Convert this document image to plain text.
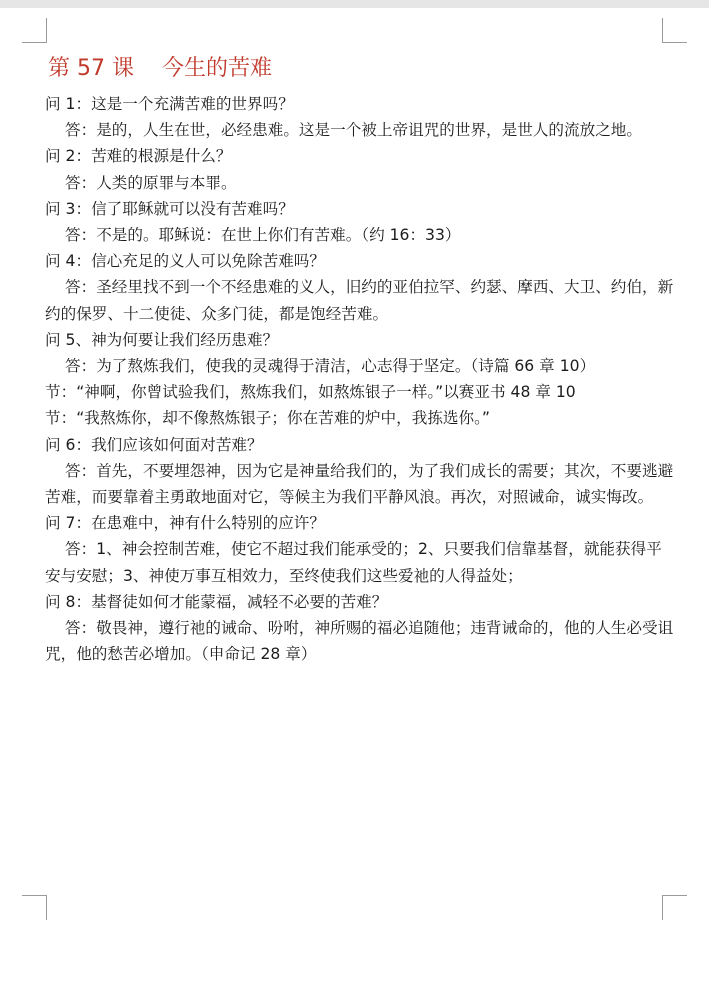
第 57 课    今生的苦难

问 1：这是一个充满苦难的世界吗？

答：是的，人生在世，必经患难。这是一个被上帝诅咒的世界，是世人的流放之地。

问 2：苦难的根源是什么？

答：人类的原罪与本罪。

问 3：信了耶稣就可以没有苦难吗？

答：不是的。耶稣说：在世上你们有苦难。（约 16：33）

问 4：信心充足的义人可以免除苦难吗？

答：圣经里找不到一个不经患难的义人，旧约的亚伯拉罕、约瑟、摩西、大卫、约伯，新约的保罗、十二使徒、众多门徒，都是饱经苦难。

问 5、神为何要让我们经历患难？

答：为了熬炼我们，使我的灵魂得于清洁，心志得于坚定。（诗篇 66 章 10）

节：“神啊，你曾试验我们，熬炼我们，如熬炼银子一样。”以赛亚书 48 章 10

节：“我熬炼你，却不像熬炼银子；你在苦难的炉中，我拣选你。”

问 6：我们应该如何面对苦难？

答：首先，不要埋怨神，因为它是神量给我们的，为了我们成长的需要；其次，不要逃避苦难，而要靠着主勇敢地面对它，等候主为我们平静风浪。再次，对照诫命，诚实悔改。

问 7：在患难中，神有什么特别的应许？

答：1、神会控制苦难，使它不超过我们能承受的；2、只要我们信靠基督，就能获得平安与安慰；3、神使万事互相效力，至终使我们这些爱祂的人得益处；

问 8：基督徒如何才能蒙福，减轻不必要的苦难？

答：敬畏神，遵行祂的诫命、吩咐，神所赐的福必追随他；违背诫命的，他的人生必受诅咒，他的愁苦必增加。（申命记 28 章）
